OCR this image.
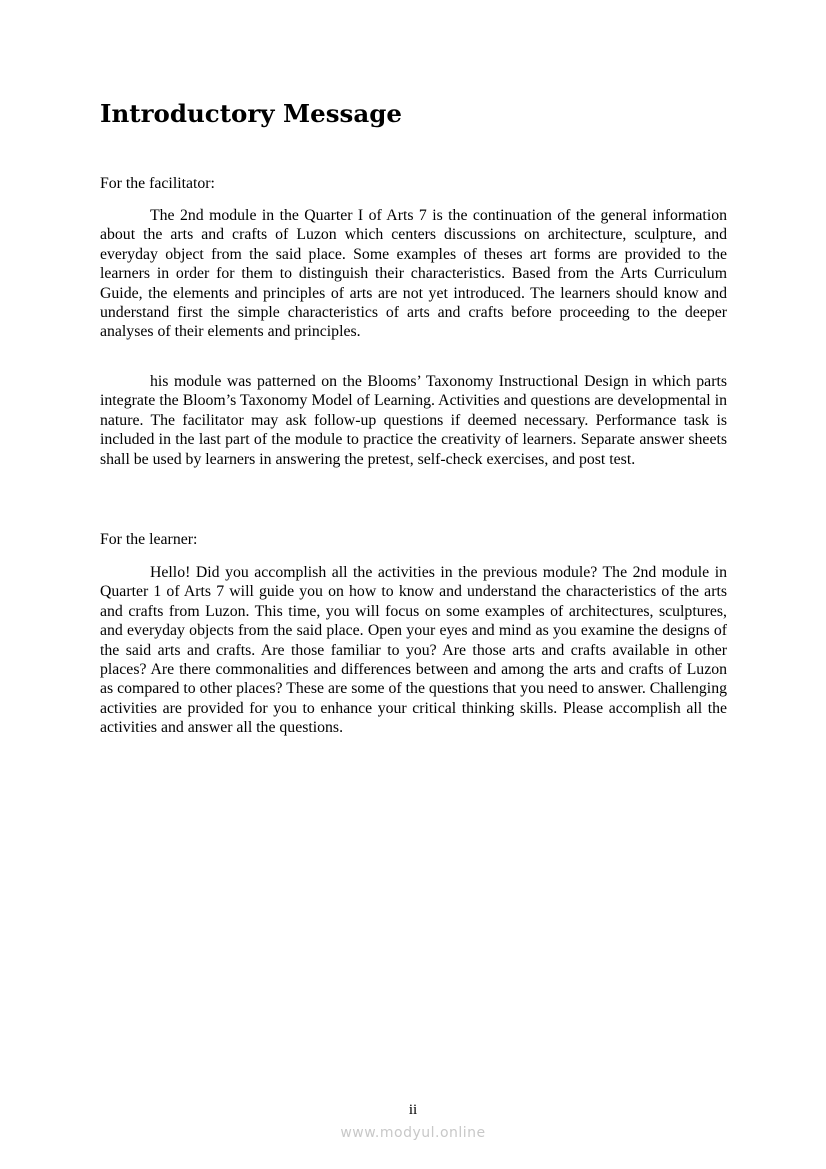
Introductory Message

For the facilitator:

The 2nd module in the Quarter I of Arts 7 is the continuation of the general information about the arts and crafts of Luzon which centers discussions on architecture, sculpture, and everyday object from the said place. Some examples of theses art forms are provided to the learners in order for them to distinguish their characteristics. Based from the Arts Curriculum Guide, the elements and principles of arts are not yet introduced. The learners should know and understand first the simple characteristics of arts and crafts before proceeding to the deeper analyses of their elements and principles.

his module was patterned on the Blooms’ Taxonomy Instructional Design in which parts integrate the Bloom’s Taxonomy Model of Learning. Activities and questions are developmental in nature. The facilitator may ask follow-up questions if deemed necessary. Performance task is included in the last part of the module to practice the creativity of learners. Separate answer sheets shall be used by learners in answering the pretest, self-check exercises, and post test.

For the learner:

Hello! Did you accomplish all the activities in the previous module? The 2nd module in Quarter 1 of Arts 7 will guide you on how to know and understand the characteristics of the arts and crafts from Luzon. This time, you will focus on some examples of architectures, sculptures, and everyday objects from the said place. Open your eyes and mind as you examine the designs of the said arts and crafts. Are those familiar to you? Are those arts and crafts available in other places? Are there commonalities and differences between and among the arts and crafts of Luzon as compared to other places? These are some of the questions that you need to answer. Challenging activities are provided for you to enhance your critical thinking skills. Please accomplish all the activities and answer all the questions.

ii
www.modyul.online
